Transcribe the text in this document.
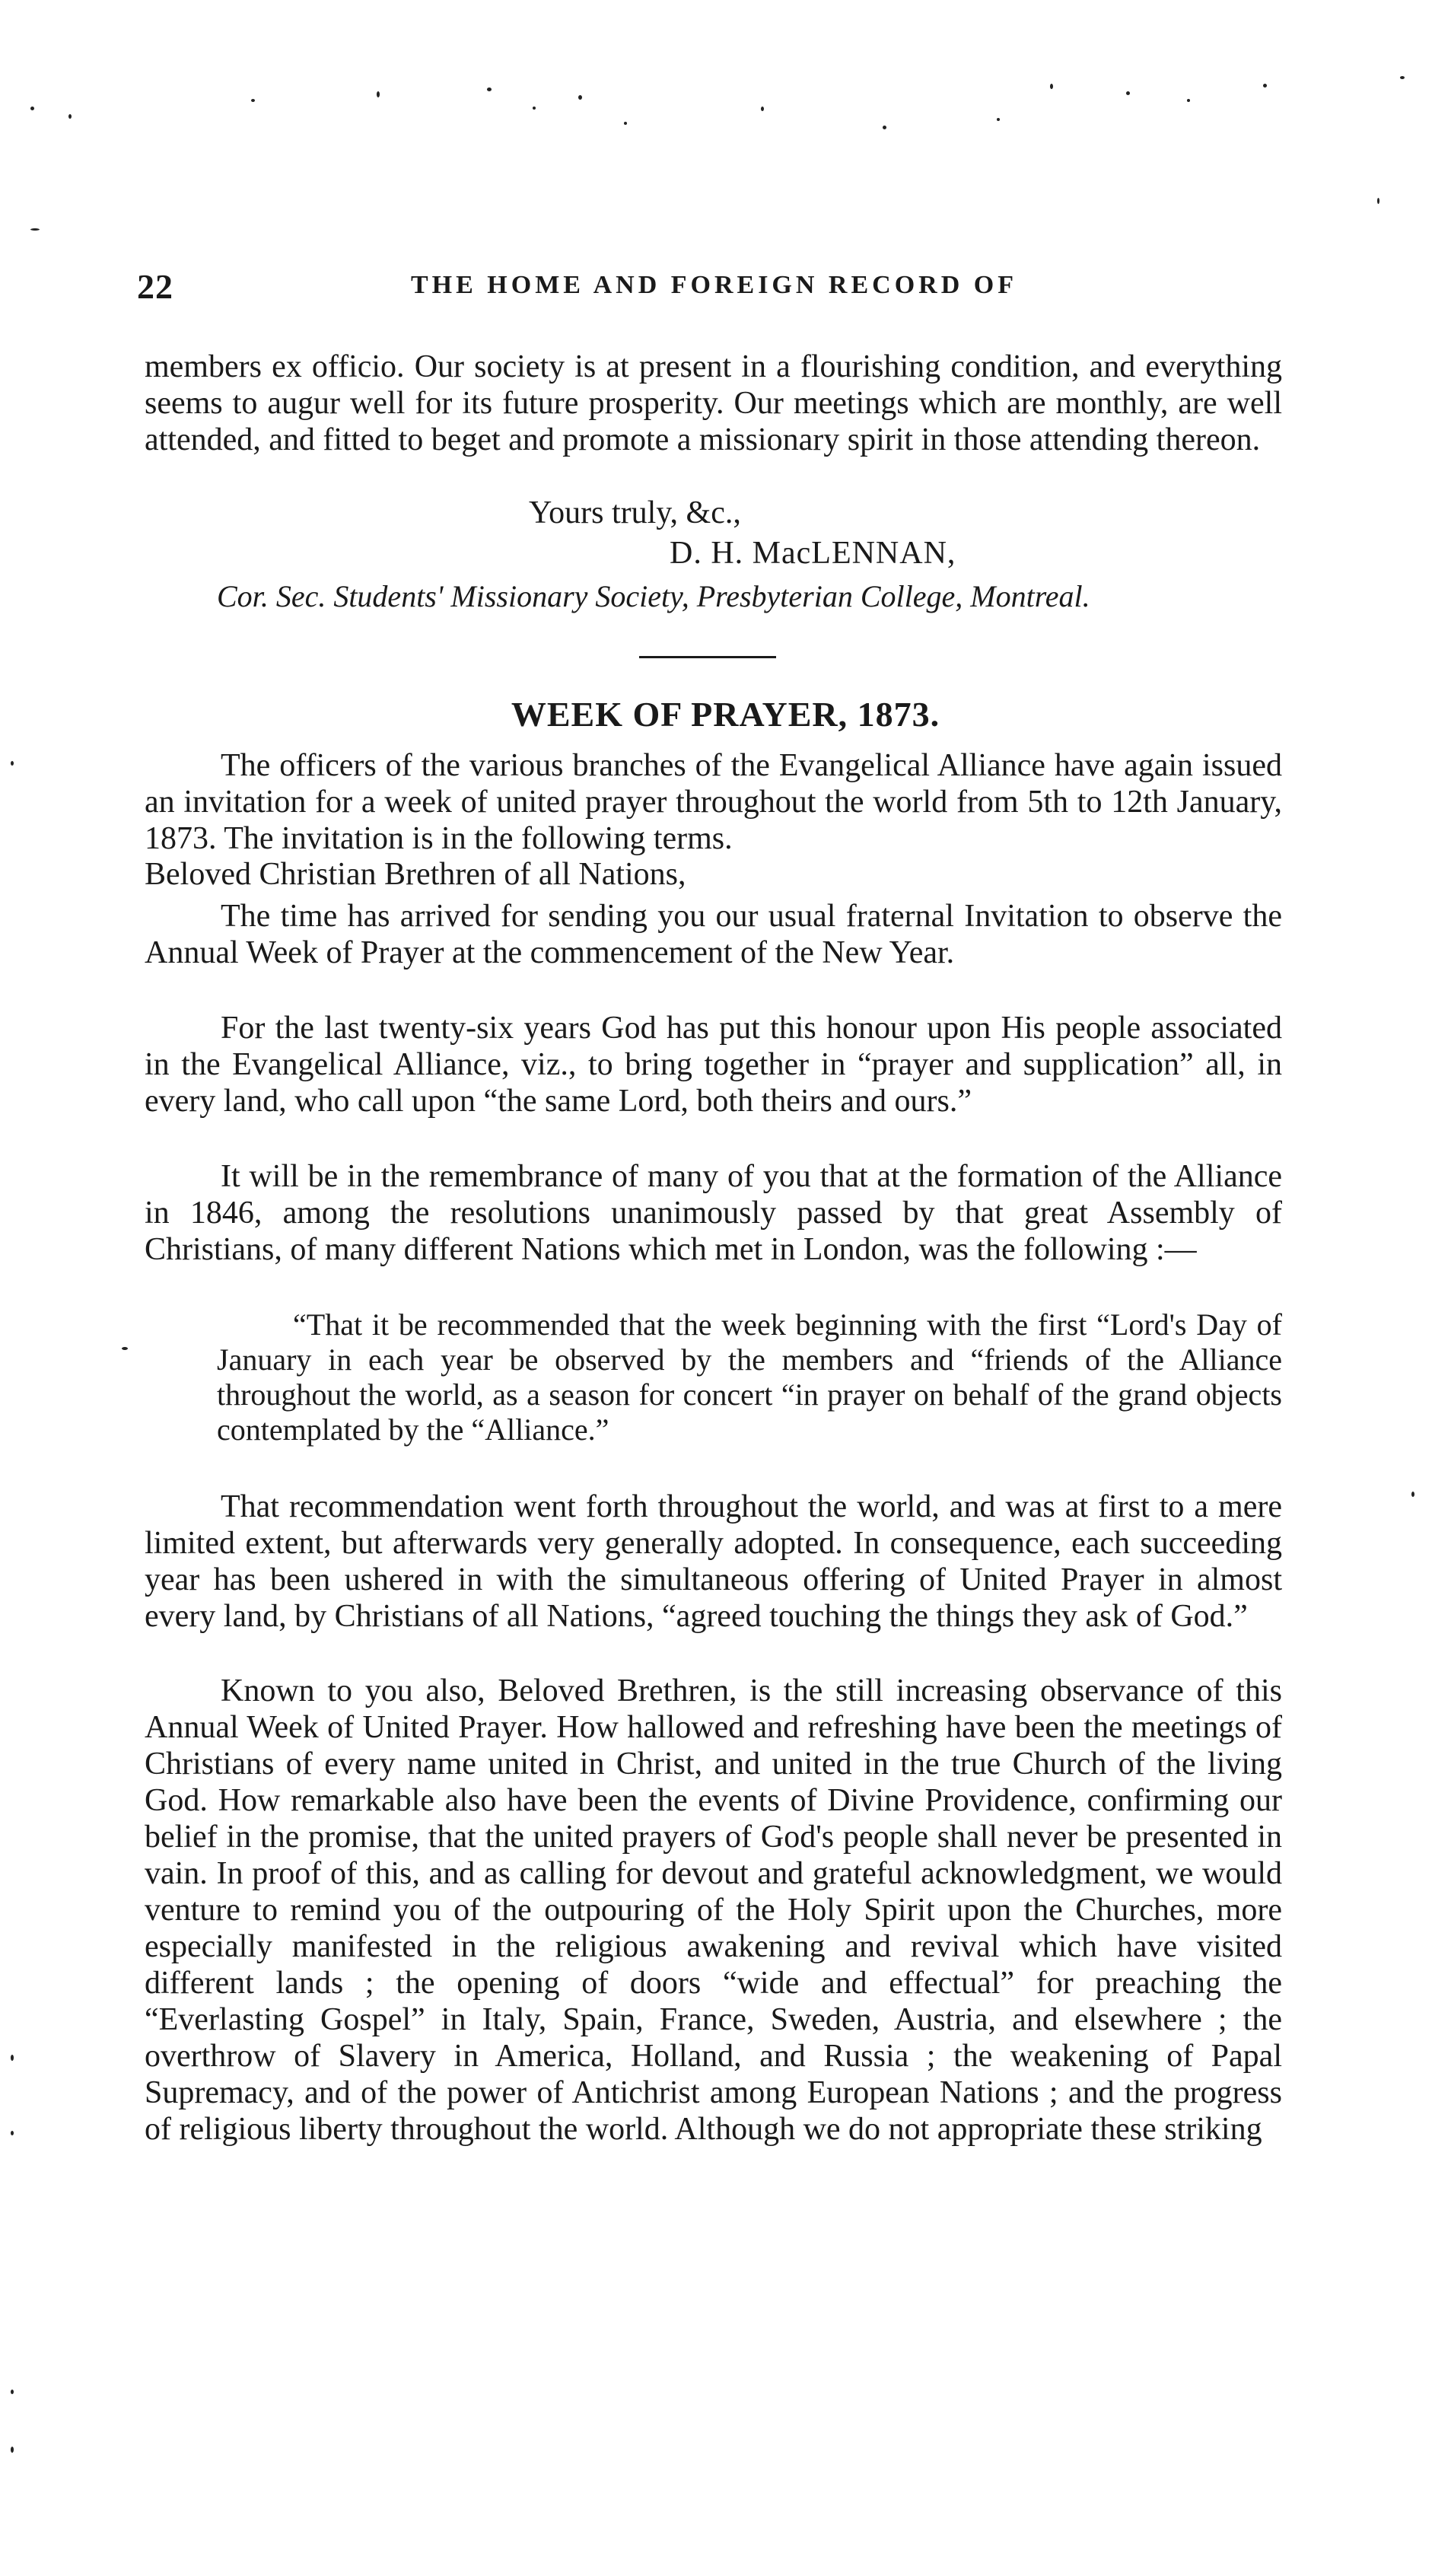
22	THE HOME AND FOREIGN RECORD OF

members ex officio. Our society is at present in a flourishing condition, and everything seems to augur well for its future prosperity. Our meetings which are monthly, are well attended, and fitted to beget and promote a missionary spirit in those attending thereon.

Yours truly, &c.,
D. H. MacLENNAN,
Cor. Sec. Students' Missionary Society, Presbyterian College, Montreal.
WEEK OF PRAYER, 1873.

The officers of the various branches of the Evangelical Alliance have again issued an invitation for a week of united prayer throughout the world from 5th to 12th January, 1873. The invitation is in the following terms.

Beloved Christian Brethren of all Nations,

The time has arrived for sending you our usual fraternal Invitation to observe the Annual Week of Prayer at the commencement of the New Year.

For the last twenty-six years God has put this honour upon His people associated in the Evangelical Alliance, viz., to bring together in “prayer and supplication” all, in every land, who call upon “the same Lord, both theirs and ours.”

It will be in the remembrance of many of you that at the formation of the Alliance in 1846, among the resolutions unanimously passed by that great Assembly of Christians, of many different Nations which met in London, was the following :—

“That it be recommended that the week beginning with the first “Lord's Day of January in each year be observed by the members and “friends of the Alliance throughout the world, as a season for concert “in prayer on behalf of the grand objects contemplated by the “Alliance.”

That recommendation went forth throughout the world, and was at first to a mere limited extent, but afterwards very generally adopted. In consequence, each succeeding year has been ushered in with the simultaneous offering of United Prayer in almost every land, by Christians of all Nations, “agreed touching the things they ask of God.”

Known to you also, Beloved Brethren, is the still increasing observance of this Annual Week of United Prayer. How hallowed and refreshing have been the meetings of Christians of every name united in Christ, and united in the true Church of the living God. How remarkable also have been the events of Divine Providence, confirming our belief in the promise, that the united prayers of God's people shall never be presented in vain. In proof of this, and as calling for devout and grateful acknowledgment, we would venture to remind you of the outpouring of the Holy Spirit upon the Churches, more especially manifested in the religious awakening and revival which have visited different lands ; the opening of doors “wide and effectual” for preaching the “Everlasting Gospel” in Italy, Spain, France, Sweden, Austria, and elsewhere ; the overthrow of Slavery in America, Holland, and Russia ; the weakening of Papal Supremacy, and of the power of Antichrist among European Nations ; and the progress of religious liberty throughout the world. Although we do not appropriate these striking
